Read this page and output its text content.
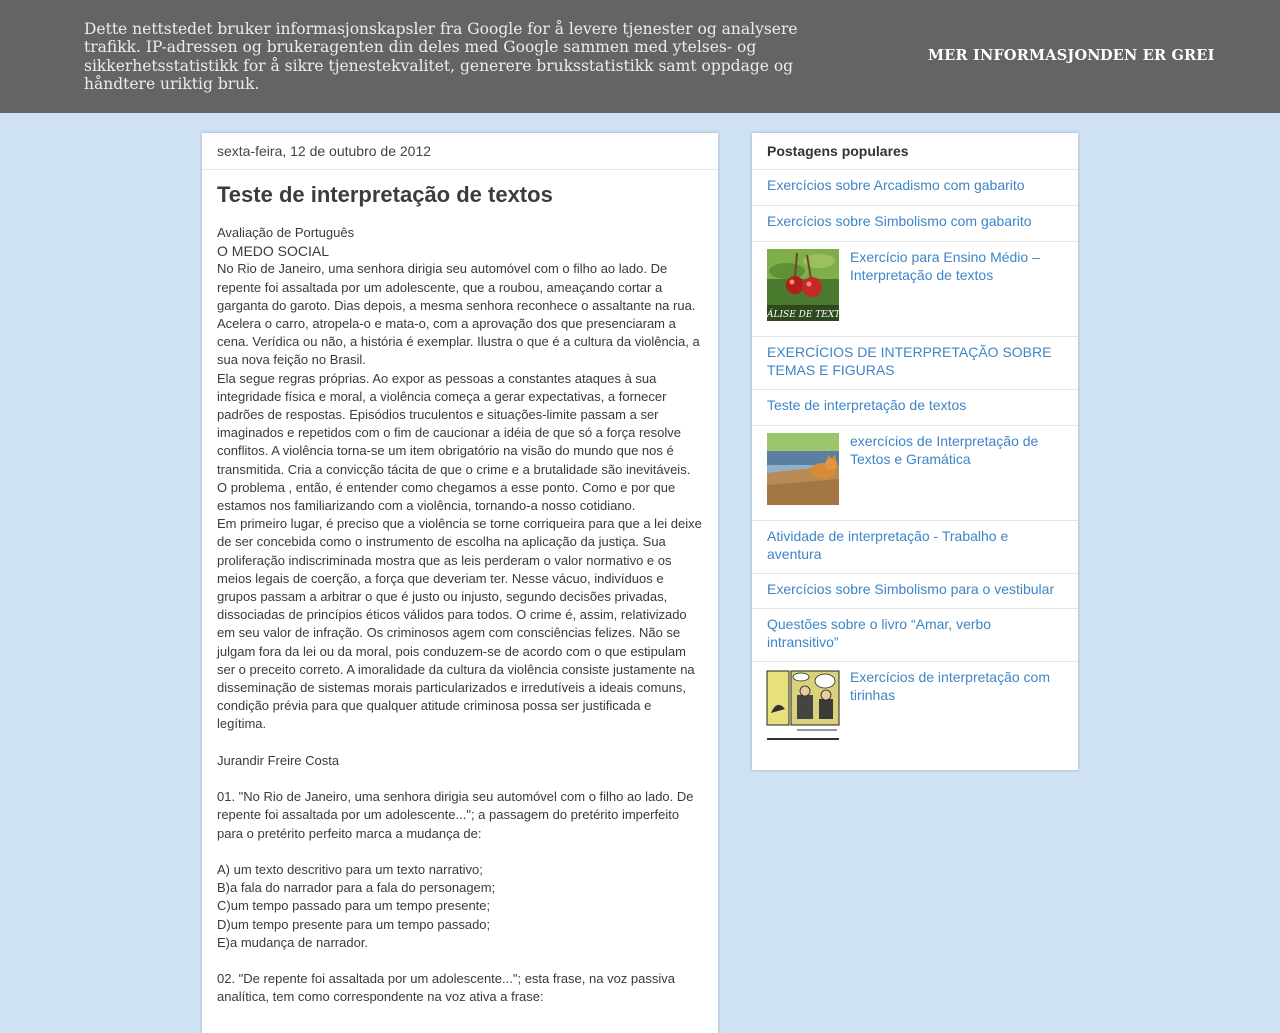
Dette nettstedet bruker informasjonskapsler fra Google for å levere tjenester og analysere trafikk. IP-adressen og brukeragenten din deles med Google sammen med ytelses- og sikkerhetsstatistikk for å sikre tjenestekvalitet, generere bruksstatistikk samt oppdage og håndtere uriktig bruk.

MER INFORMASJON DEN ER GREI
sexta-feira, 12 de outubro de 2012
Teste de interpretação de textos

Avaliação de Português

O MEDO SOCIAL

No Rio de Janeiro, uma senhora dirigia seu automóvel com o filho ao lado. De repente foi assaltada por um adolescente, que a roubou, ameaçando cortar a garganta do garoto. Dias depois, a mesma senhora reconhece o assaltante na rua. Acelera o carro, atropela-o e mata-o, com a aprovação dos que presenciaram a cena. Verídica ou não, a história é exemplar. Ilustra o que é a cultura da violência, a sua nova feição no Brasil.

Ela segue regras próprias. Ao expor as pessoas a constantes ataques à sua integridade física e moral, a violência começa a gerar expectativas, a fornecer padrões de respostas. Episódios truculentos e situações-limite passam a ser imaginados e repetidos com o fim de caucionar a idéia de que só a força resolve conflitos. A violência torna-se um item obrigatório na visão do mundo que nos é transmitida. Cria a convicção tácita de que o crime e a brutalidade são inevitáveis.

O problema , então, é entender como chegamos a esse ponto. Como e por que estamos nos familiarizando com a violência, tornando-a nosso cotidiano.

Em primeiro lugar, é preciso que a violência se torne corriqueira para que a lei deixe de ser concebida como o instrumento de escolha na aplicação da justiça. Sua proliferação indiscriminada mostra que as leis perderam o valor normativo e os meios legais de coerção, a força que deveriam ter. Nesse vácuo, indivíduos e grupos passam a arbitrar o que é justo ou injusto, segundo decisões privadas, dissociadas de princípios éticos válidos para todos. O crime é, assim, relativizado em seu valor de infração. Os criminosos agem com consciências felizes. Não se julgam fora da lei ou da moral, pois conduzem-se de acordo com o que estipulam ser o preceito correto. A imoralidade da cultura da violência consiste justamente na disseminação de sistemas morais particularizados e irredutíveis a ideais comuns, condição prévia para que qualquer atitude criminosa possa ser justificada e legítima.

Jurandir Freire Costa

01. "No Rio de Janeiro, uma senhora dirigia seu automóvel com o filho ao lado. De repente foi assaltada por um adolescente..."; a passagem do pretérito imperfeito para o pretérito perfeito marca a mudança de:

A) um texto descritivo para um texto narrativo;

B)a fala do narrador para a fala do personagem;

C)um tempo passado para um tempo presente;

D)um tempo presente para um tempo passado;

E)a mudança de narrador.

02. "De repente foi assaltada por um adolescente..."; esta frase, na voz passiva analítica, tem como correspondente na voz ativa a frase:

Postagens populares
Exercícios sobre Arcadismo com gabarito
Exercícios sobre Simbolismo com gabarito
ÁLISE DE TEXTOS
Exercício para Ensino Médio – Interpretação de textos
EXERCÍCIOS DE INTERPRETAÇÃO SOBRE TEMAS E FIGURAS
Teste de interpretação de textos
exercícios de Interpretação de Textos e Gramática
Atividade de interpretação - Trabalho e aventura
Exercícios sobre Simbolismo para o vestibular
Questões sobre o livro “Amar, verbo intransitivo”
Exercícios de interpretação com tirinhas
